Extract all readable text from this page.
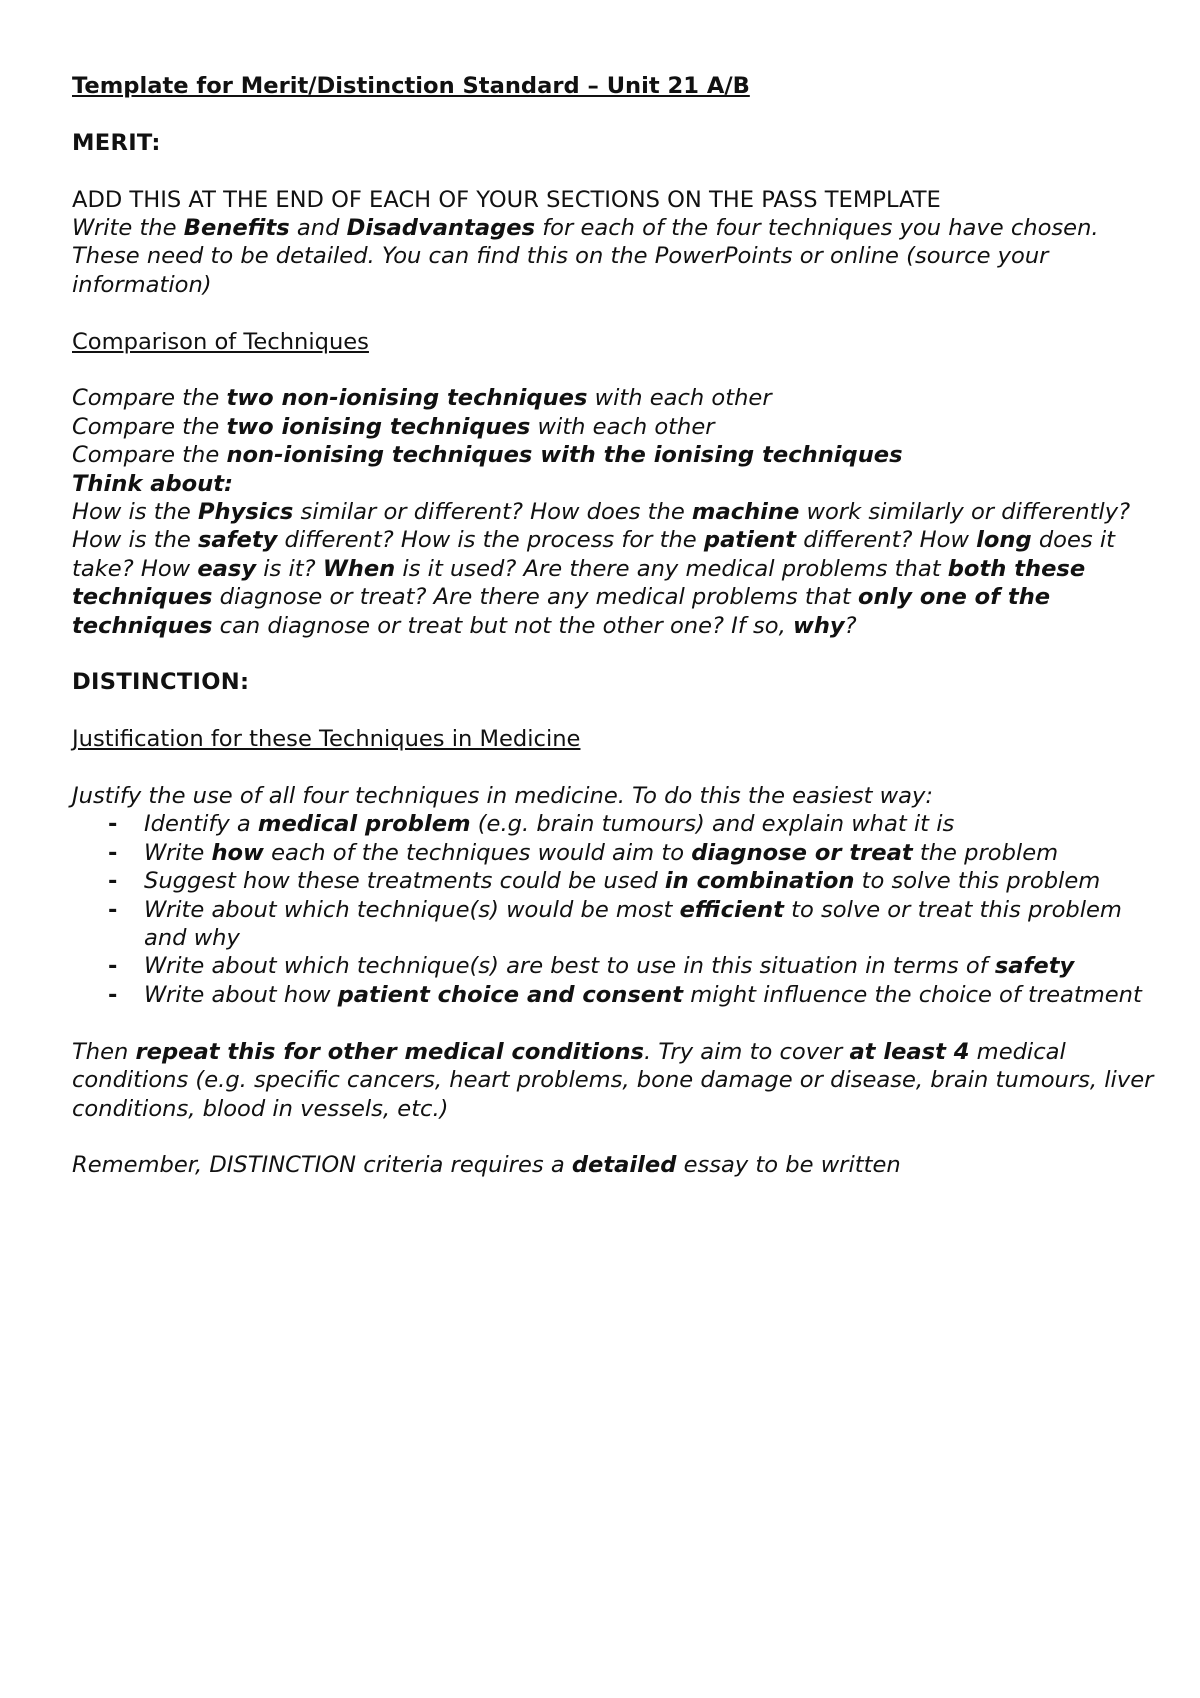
Template for Merit/Distinction Standard – Unit 21 A/B

MERIT:

ADD THIS AT THE END OF EACH OF YOUR SECTIONS ON THE PASS TEMPLATE

Write the Benefits and Disadvantages for each of the four techniques you have chosen. These need to be detailed. You can find this on the PowerPoints or online (source your information)

Comparison of Techniques

Compare the two non-ionising techniques with each other

Compare the two ionising techniques with each other

Compare the non-ionising techniques with the ionising techniques

Think about:

How is the Physics similar or different? How does the machine work similarly or differently? How is the safety different? How is the process for the patient different? How long does it take? How easy is it? When is it used? Are there any medical problems that both these techniques diagnose or treat? Are there any medical problems that only one of the techniques can diagnose or treat but not the other one? If so, why?

DISTINCTION:

Justification for these Techniques in Medicine

Justify the use of all four techniques in medicine. To do this the easiest way:

- Identify a medical problem (e.g. brain tumours) and explain what it is
- Write how each of the techniques would aim to diagnose or treat the problem
- Suggest how these treatments could be used in combination to solve this problem
- Write about which technique(s) would be most efficient to solve or treat this problem and why
- Write about which technique(s) are best to use in this situation in terms of safety
- Write about how patient choice and consent might influence the choice of treatment

Then repeat this for other medical conditions. Try aim to cover at least 4 medical conditions (e.g. specific cancers, heart problems, bone damage or disease, brain tumours, liver conditions, blood in vessels, etc.)

Remember, DISTINCTION criteria requires a detailed essay to be written
